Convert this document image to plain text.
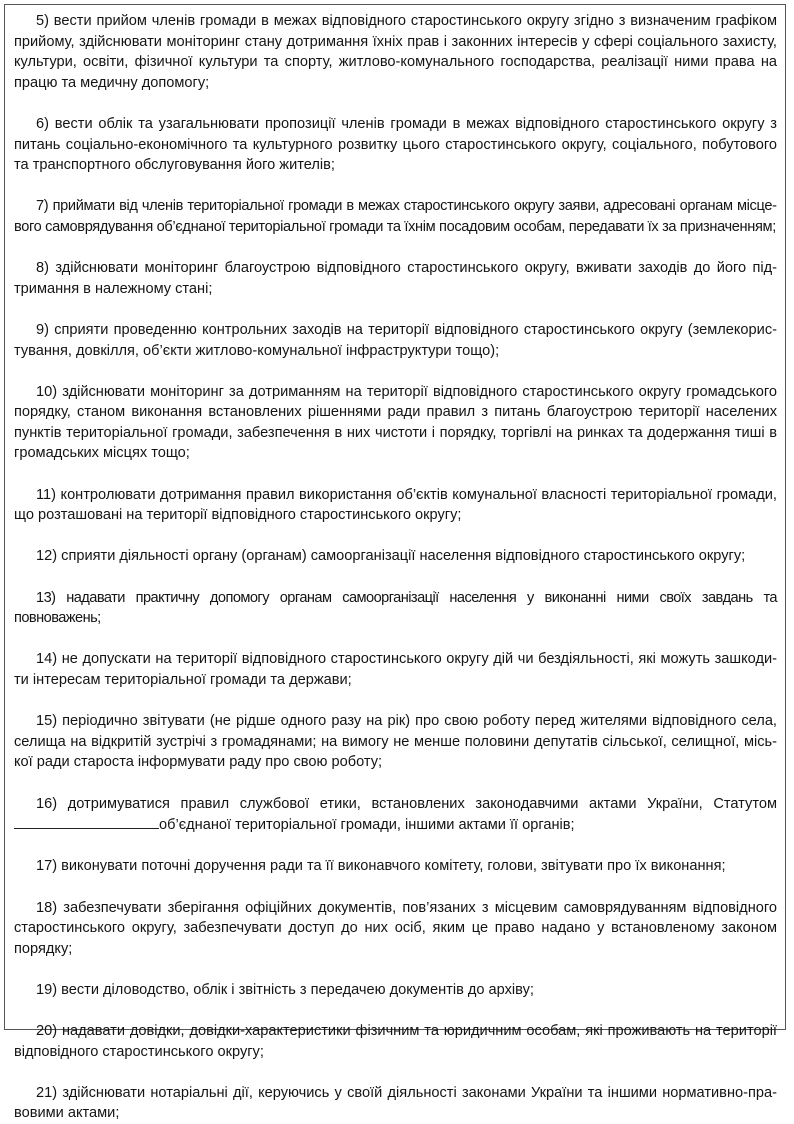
5) вести прийом членів громади в межах відповідного старостинського округу згідно з визначеним графіком прийому, здійснювати моніторинг стану дотримання їхніх прав і законних інтересів у сфері соціального захисту, культури, освіти, фізичної культури та спорту, житлово-комунального господарства, реалізації ними права на працю та медичну допомогу;

6) вести облік та узагальнювати пропозиції членів громади в межах відповідного старостинського округу з питань соціально-економічного та культурного розвитку цього старостинського округу, соціального, побутового та транспортного обслуговування його жителів;

7) приймати від членів територіальної громади в межах старостинського округу заяви, адресовані органам місцевого самоврядування об’єднаної територіальної громади та їхнім посадовим особам, передавати їх за призначенням;

8) здійснювати моніторинг благоустрою відповідного старостинського округу, вживати заходів до його підтримання в належному стані;

9) сприяти проведенню контрольних заходів на території відповідного старостинського округу (землекористування, довкілля, об’єкти житлово-комунальної інфраструктури тощо);

10) здійснювати моніторинг за дотриманням на території відповідного старостинського округу громадського порядку, станом виконання встановлених рішеннями ради правил з питань благоустрою території населених пунктів територіальної громади, забезпечення в них чистоти і порядку, торгівлі на ринках та додержання тиші в громадських місцях тощо;

11) контролювати дотримання правил використання об’єктів комунальної власності територіальної громади, що розташовані на території відповідного старостинського округу;

12) сприяти діяльності органу (органам) самоорганізації населення відповідного старостинського округу;

13) надавати практичну допомогу органам самоорганізації населення у виконанні ними своїх завдань та повноважень;

14) не допускати на території відповідного старостинського округу дій чи бездіяльності, які можуть зашкодити інтересам територіальної громади та держави;

15) періодично звітувати (не рідше одного разу на рік) про свою роботу перед жителями відповідного села, селища на відкритій зустрічі з громадянами; на вимогу не менше половини депутатів сільської, селищної, міської ради староста інформувати раду про свою роботу;

16) дотримуватися правил службової етики, встановлених законодавчими актами України, Статутом об’єднаної територіальної громади, іншими актами її органів;

17) виконувати поточні доручення ради та її виконавчого комітету, голови, звітувати про їх виконання;

18) забезпечувати зберігання офіційних документів, пов’язаних з місцевим самоврядуванням відповідного старостинського округу, забезпечувати доступ до них осіб, яким це право надано у встановленому законом порядку;

19) вести діловодство, облік і звітність з передачею документів до архіву;

20) надавати довідки, довідки-характеристики фізичним та юридичним особам, які проживають на території відповідного старостинського округу;

21) здійснювати нотаріальні дії, керуючись у своїй діяльності законами України та іншими нормативно-правовими актами;
